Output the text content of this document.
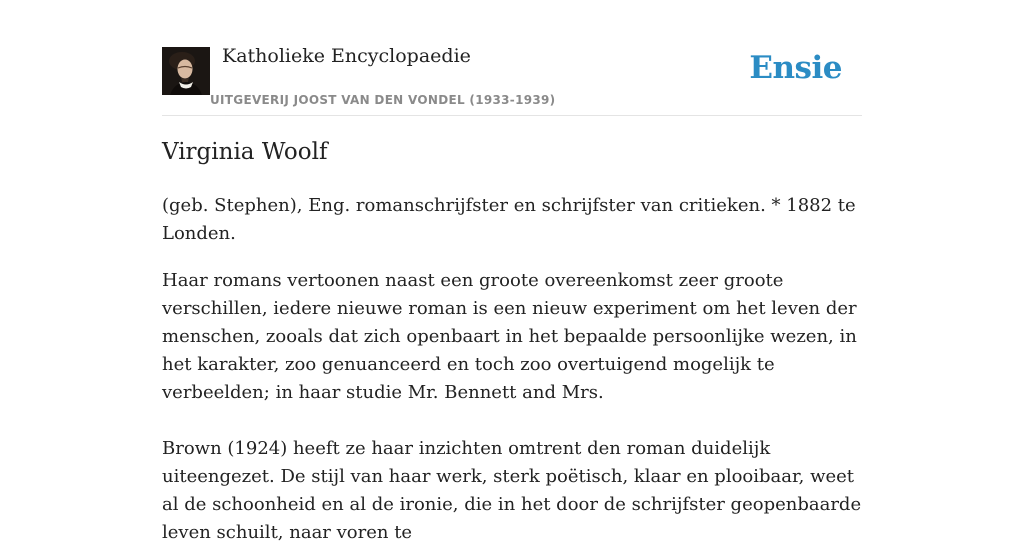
Katholieke Encyclopaedie
UITGEVERIJ JOOST VAN DEN VONDEL (1933-1939)
Ensie
Virginia Woolf

(geb. Stephen), Eng. romanschrijfster en schrijfster van critieken. * 1882 te Londen.

Haar romans vertoonen naast een groote overeenkomst zeer groote verschillen, iedere nieuwe roman is een nieuw experiment om het leven der menschen, zooals dat zich openbaart in het bepaalde persoonlijke wezen, in het karakter, zoo genuanceerd en toch zoo overtuigend mogelijk te verbeelden; in haar studie Mr. Bennett and Mrs.

Brown (1924) heeft ze haar inzichten omtrent den roman duidelijk uiteengezet. De stijl van haar werk, sterk poëtisch, klaar en plooibaar, weet al de schoonheid en al de ironie, die in het door de schrijfster geopenbaarde leven schuilt, naar voren te
